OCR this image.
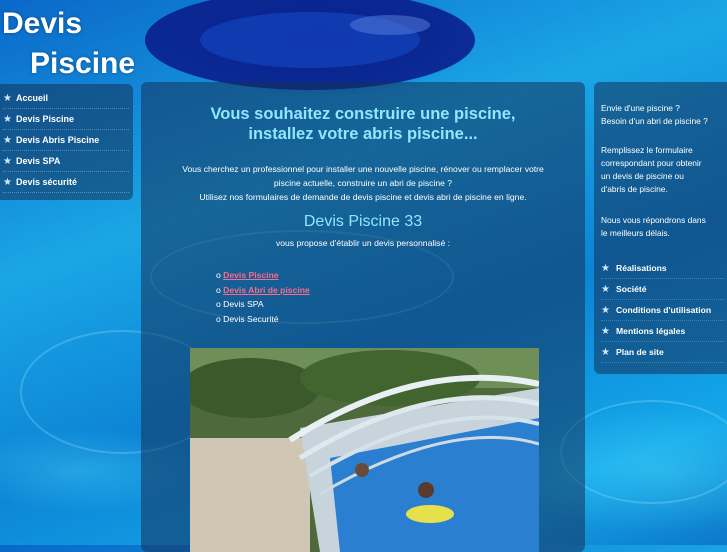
Devis
Piscine
★ Accueil
★ Devis Piscine
★ Devis Abris Piscine
★ Devis SPA
★ Devis sécurité
Vous souhaitez construire une piscine,
installez votre abris piscine...
Vous cherchez un professionnel pour installer une nouvelle piscine, rénover ou remplacer votre
piscine actuelle, construire un abri de piscine ?
Utilisez nos formulaires de demande de devis piscine et devis abri de piscine en ligne.
Devis Piscine 33
vous propose d'établir un devis personnalisé :
o Devis Piscine
o Devis Abri de piscine
o Devis SPA
o Devis Securité
Envie d'une piscine ?
Besoin d'un abri de piscine ?
Remplissez le formulaire
correspondant pour obtenir
un devis de piscine ou
d'abris de piscine.
Nous vous répondrons dans
le meilleurs délais.
★ Réalisations
★ Société
★ Conditions d'utilisation
★ Mentions légales
★ Plan de site
